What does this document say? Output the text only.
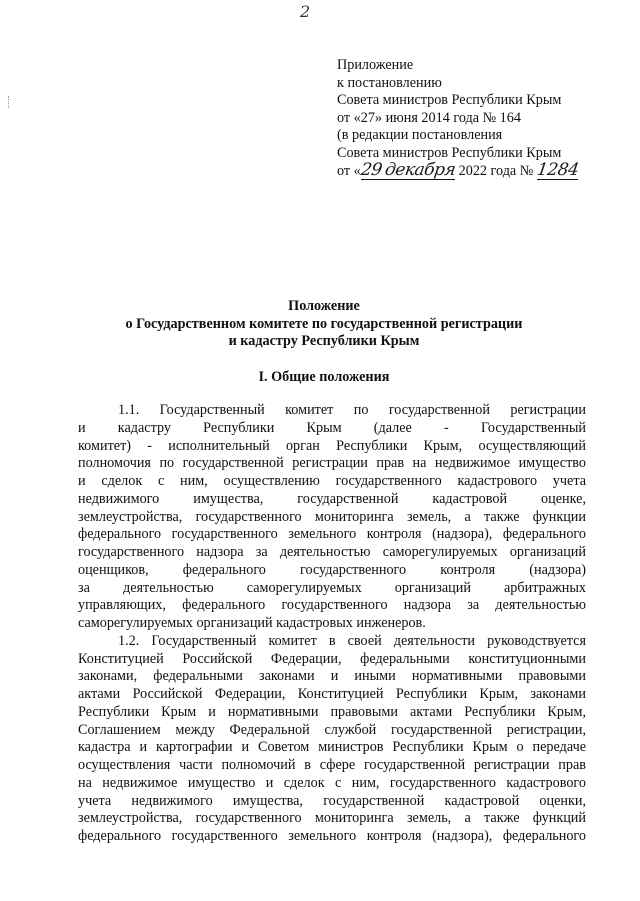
2
Приложение
к постановлению
Совета министров Республики Крым
от «27» июня 2014 года № 164
(в редакции постановления
Совета министров Республики Крым
от «29 декабря 2022 года № 1284
Положение
о Государственном комитете по государственной регистрации
и кадастру Республики Крым
I. Общие положения
1.1. Государственный комитет по государственной регистрации
и кадастру Республики Крым (далее - Государственный
комитет) - исполнительный орган Республики Крым, осуществляющий
полномочия по государственной регистрации прав на недвижимое имущество
и сделок с ним, осуществлению государственного кадастрового учета
недвижимого имущества, государственной кадастровой оценке,
землеустройства, государственного мониторинга земель, а также функции
федерального государственного земельного контроля (надзора), федерального
государственного надзора за деятельностью саморегулируемых организаций
оценщиков, федерального государственного контроля (надзора)
за деятельностью саморегулируемых организаций арбитражных
управляющих, федерального государственного надзора за деятельностью
саморегулируемых организаций кадастровых инженеров.
1.2. Государственный комитет в своей деятельности руководствуется
Конституцией Российской Федерации, федеральными конституционными
законами, федеральными законами и иными нормативными правовыми
актами Российской Федерации, Конституцией Республики Крым, законами
Республики Крым и нормативными правовыми актами Республики Крым,
Соглашением между Федеральной службой государственной регистрации,
кадастра и картографии и Советом министров Республики Крым о передаче
осуществления части полномочий в сфере государственной регистрации прав
на недвижимое имущество и сделок с ним, государственного кадастрового
учета недвижимого имущества, государственной кадастровой оценки,
землеустройства, государственного мониторинга земель, а также функций
федерального государственного земельного контроля (надзора), федерального
